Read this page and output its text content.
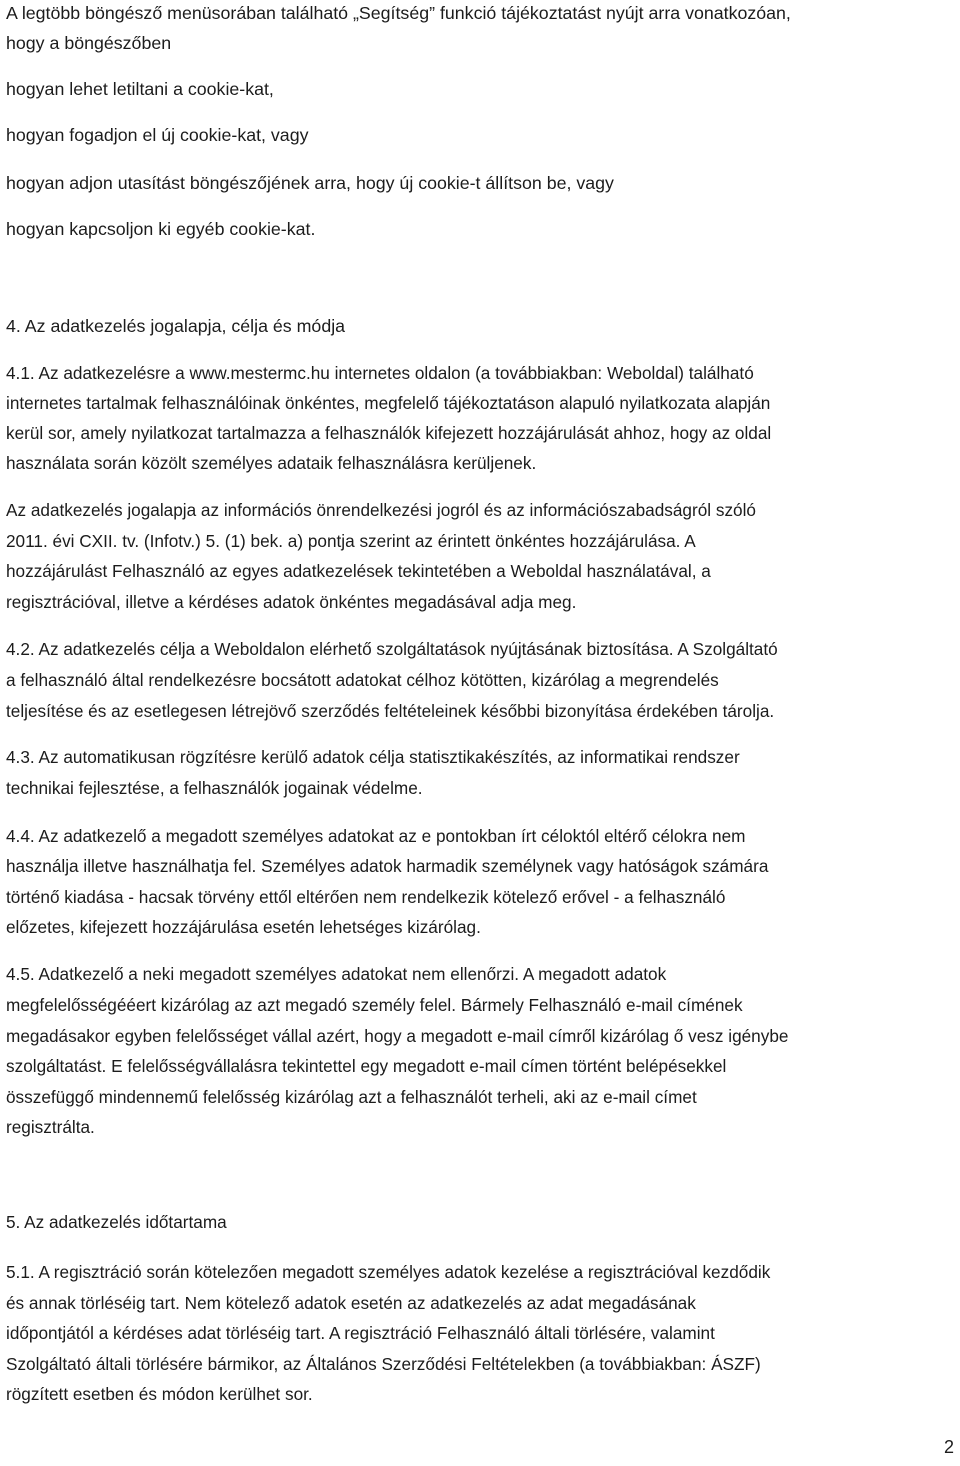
A legtöbb böngésző menüsorában található „Segítség” funkció tájékoztatást nyújt arra vonatkozóan,
hogy a böngészőben
hogyan lehet letiltani a cookie-kat,
hogyan fogadjon el új cookie-kat, vagy
hogyan adjon utasítást böngészőjének arra, hogy új cookie-t állítson be, vagy
hogyan kapcsoljon ki egyéb cookie-kat.
4. Az adatkezelés jogalapja, célja és módja
4.1. Az adatkezelésre a www.mestermc.hu internetes oldalon (a továbbiakban: Weboldal) található
internetes tartalmak felhasználóinak önkéntes, megfelelő tájékoztatáson alapuló nyilatkozata alapján
kerül sor, amely nyilatkozat tartalmazza a felhasználók kifejezett hozzájárulását ahhoz, hogy az oldal
használata során közölt személyes adataik felhasználásra kerüljenek.
Az adatkezelés jogalapja az információs önrendelkezési jogról és az információszabadságról szóló
2011. évi CXII. tv. (Infotv.) 5. (1) bek. a) pontja szerint az érintett önkéntes hozzájárulása. A
hozzájárulást Felhasználó az egyes adatkezelések tekintetében a Weboldal használatával, a
regisztrációval, illetve a kérdéses adatok önkéntes megadásával adja meg.
4.2. Az adatkezelés célja a Weboldalon elérhető szolgáltatások nyújtásának biztosítása. A Szolgáltató
a felhasználó által rendelkezésre bocsátott adatokat célhoz kötötten, kizárólag a megrendelés
teljesítése és az esetlegesen létrejövő szerződés feltételeinek későbbi bizonyítása érdekében tárolja.
4.3. Az automatikusan rögzítésre kerülő adatok célja statisztikakészítés, az informatikai rendszer
technikai fejlesztése, a felhasználók jogainak védelme.
4.4. Az adatkezelő a megadott személyes adatokat az e pontokban írt céloktól eltérő célokra nem
használja illetve használhatja fel. Személyes adatok harmadik személynek vagy hatóságok számára
történő kiadása - hacsak törvény ettől eltérően nem rendelkezik kötelező erővel - a felhasználó
előzetes, kifejezett hozzájárulása esetén lehetséges kizárólag.
4.5. Adatkezelő a neki megadott személyes adatokat nem ellenőrzi. A megadott adatok
megfelelősségééert kizárólag az azt megadó személy felel. Bármely Felhasználó e-mail címének
megadásakor egyben felelősséget vállal azért, hogy a megadott e-mail címről kizárólag ő vesz igénybe
szolgáltatást. E felelősségvállalásra tekintettel egy megadott e-mail címen történt belépésekkel
összefüggő mindennemű felelősség kizárólag azt a felhasználót terheli, aki az e-mail címet
regisztrálta.
5. Az adatkezelés időtartama
5.1. A regisztráció során kötelezően megadott személyes adatok kezelése a regisztrációval kezdődik
és annak törléséig tart. Nem kötelező adatok esetén az adatkezelés az adat megadásának
időpontjától a kérdéses adat törléséig tart. A regisztráció Felhasználó általi törlésére, valamint
Szolgáltató általi törlésére bármikor, az Általános Szerződési Feltételekben (a továbbiakban: ÁSZF)
rögzített esetben és módon kerülhet sor.
2
